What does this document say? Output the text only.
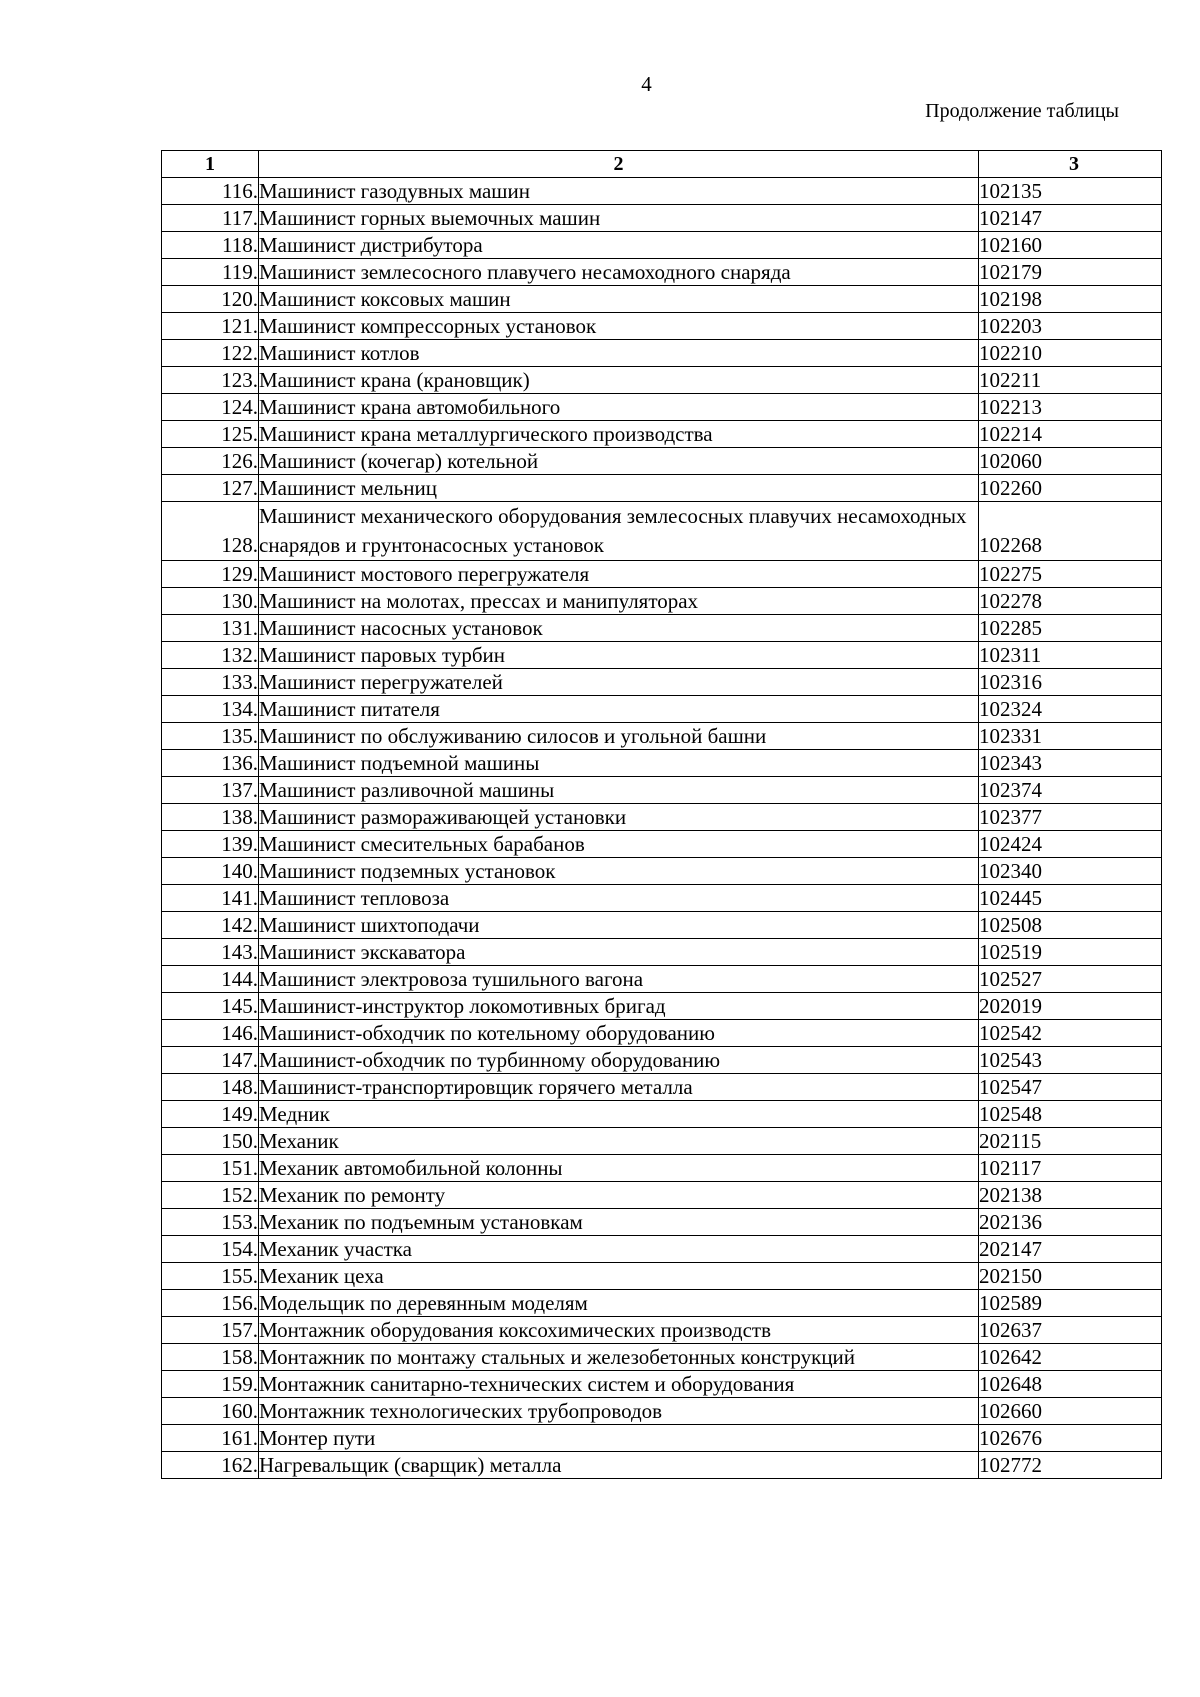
4
Продолжение таблицы
1	2	3
116.	Машинист газодувных машин	102135
117.	Машинист горных выемочных машин	102147
118.	Машинист дистрибутора	102160
119.	Машинист землесосного плавучего несамоходного снаряда	102179
120.	Машинист коксовых машин	102198
121.	Машинист компрессорных установок	102203
122.	Машинист котлов	102210
123.	Машинист крана (крановщик)	102211
124.	Машинист крана автомобильного	102213
125.	Машинист крана металлургического производства	102214
126.	Машинист (кочегар) котельной	102060
127.	Машинист мельниц	102260
128.	Машинист механического оборудования землесосных плавучих несамоходных снарядов и грунтонасосных установок	102268
129.	Машинист мостового перегружателя	102275
130.	Машинист на молотах, прессах и манипуляторах	102278
131.	Машинист насосных установок	102285
132.	Машинист паровых турбин	102311
133.	Машинист перегружателей	102316
134.	Машинист питателя	102324
135.	Машинист по обслуживанию силосов и угольной башни	102331
136.	Машинист подъемной машины	102343
137.	Машинист разливочной машины	102374
138.	Машинист размораживающей установки	102377
139.	Машинист смесительных барабанов	102424
140.	Машинист подземных установок	102340
141.	Машинист тепловоза	102445
142.	Машинист шихтоподачи	102508
143.	Машинист экскаватора	102519
144.	Машинист электровоза тушильного вагона	102527
145.	Машинист-инструктор локомотивных бригад	202019
146.	Машинист-обходчик по котельному оборудованию	102542
147.	Машинист-обходчик по турбинному оборудованию	102543
148.	Машинист-транспортировщик горячего металла	102547
149.	Медник	102548
150.	Механик	202115
151.	Механик автомобильной колонны	102117
152.	Механик по ремонту	202138
153.	Механик по подъемным установкам	202136
154.	Механик участка	202147
155.	Механик цеха	202150
156.	Модельщик по деревянным моделям	102589
157.	Монтажник оборудования коксохимических производств	102637
158.	Монтажник по монтажу стальных и железобетонных конструкций	102642
159.	Монтажник санитарно-технических систем и оборудования	102648
160.	Монтажник технологических трубопроводов	102660
161.	Монтер пути	102676
162.	Нагревальщик (сварщик) металла	102772
